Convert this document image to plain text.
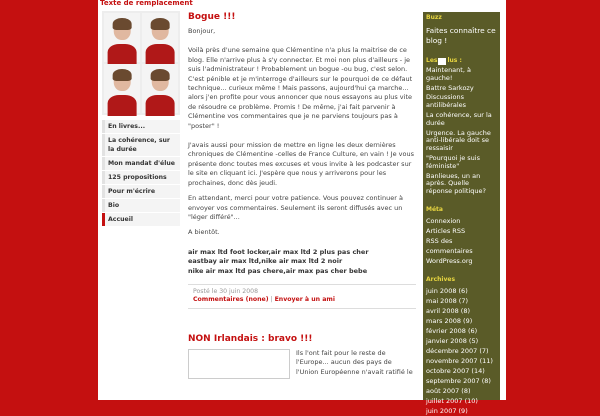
Texte de remplacement
En livres...
La cohérence, sur la durée
Mon mandat d'élue
125 propositions
Pour m'écrire
Bio
Accueil
Bogue !!!

Bonjour,

Voilà près d'une semaine que Clémentine n'a plus la maitrise de ce blog. Elle n'arrive plus à s'y connecter. Et moi non plus d'ailleurs - je suis l'administrateur ! Probablement un bogue -ou bug, c'est selon. C'est pénible et je m'interroge d'ailleurs sur le pourquoi de ce défaut technique... curieux même ! Mais passons, aujourd'hui ça marche... alors j'en profite pour vous annoncer que nous essayons au plus vite de résoudre ce problème. Promis ! De même, j'ai fait parvenir à Clémentine vos commentaires que je ne parviens toujours pas à "poster" !

J'avais aussi pour mission de mettre en ligne les deux dernières chroniques de Clémentine -celles de France Culture, en vain ! Je vous présente donc toutes mes excuses et vous invite à les podcaster sur le site en cliquant ici. J'espère que nous y arriverons pour les prochaines, donc dès jeudi.

En attendant, merci pour votre patience. Vous pouvez continuer à envoyer vos commentaires. Seulement ils seront diffusés avec un "léger différé"...

A bientôt.

air max ltd foot locker,air max ltd 2 plus pas cher
eastbay air max ltd,nike air max ltd 2 noir
nike air max ltd pas chere,air max pas cher bebe
Posté le 30 juin 2008
Commentaires (none) | Envoyer à un ami
NON Irlandais : bravo !!!
Ils l'ont fait pour le reste de l'Europe... aucun des pays de l'Union Européenne n'avait ratifié le
Buzz
Faites connaître ce blog !
Les lus :
Maintenant, à gauche!
Battre Sarkozy
Discussions antilibérales
La cohérence, sur la durée
Urgence. La gauche anti-libérale doit se ressaisir
"Pourquoi je suis féministe"
Banlieues, un an après. Quelle réponse politique?
Méta
Connexion
Articles RSS
RSS des commentaires
WordPress.org
Archives
juin 2008 (6)
mai 2008 (7)
avril 2008 (8)
mars 2008 (9)
février 2008 (6)
janvier 2008 (5)
décembre 2007 (7)
novembre 2007 (11)
octobre 2007 (14)
septembre 2007 (8)
août 2007 (8)
juillet 2007 (10)
juin 2007 (9)
